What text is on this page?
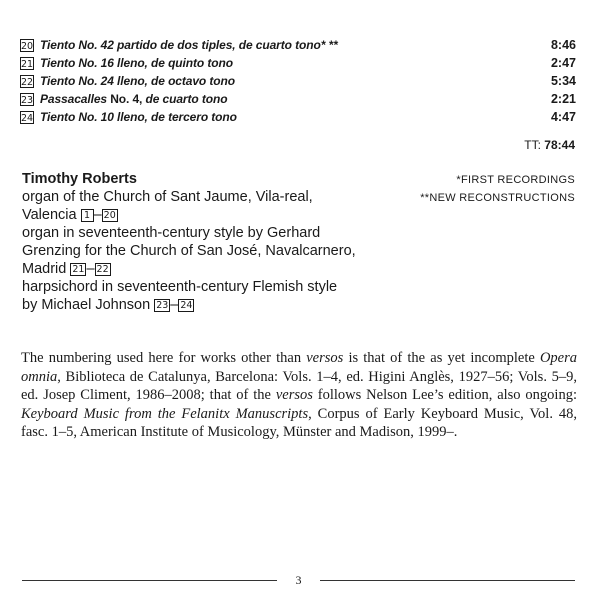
20 Tiento No. 42 partido de dos tiples, de cuarto tono* **	8:46
21 Tiento No. 16 lleno, de quinto tono	2:47
22 Tiento No. 24 lleno, de octavo tono	5:34
23 Passacalles No. 4, de cuarto tono	2:21
24 Tiento No. 10 lleno, de tercero tono	4:47
TT: 78:44
Timothy Roberts
organ of the Church of Sant Jaume, Vila-real,
Valencia 1 – 20
organ in seventeenth-century style by Gerhard
Grenzing for the Church of San José, Navalcarnero,
Madrid 21 – 22
harpsichord in seventeenth-century Flemish style
by Michael Johnson 23 – 24
*FIRST RECORDINGS
**NEW RECONSTRUCTIONS
The numbering used here for works other than versos is that of the as yet incomplete Opera omnia, Biblioteca de Catalunya, Barcelona: Vols. 1–4, ed. Higini Anglès, 1927–56; Vols. 5–9, ed. Josep Climent, 1986–2008; that of the versos follows Nelson Lee’s edition, also ongoing: Keyboard Music from the Felanitx Manuscripts, Corpus of Early Keyboard Music, Vol. 48, fasc. 1–5, American Institute of Musicology, Münster and Madison, 1999–.
3
